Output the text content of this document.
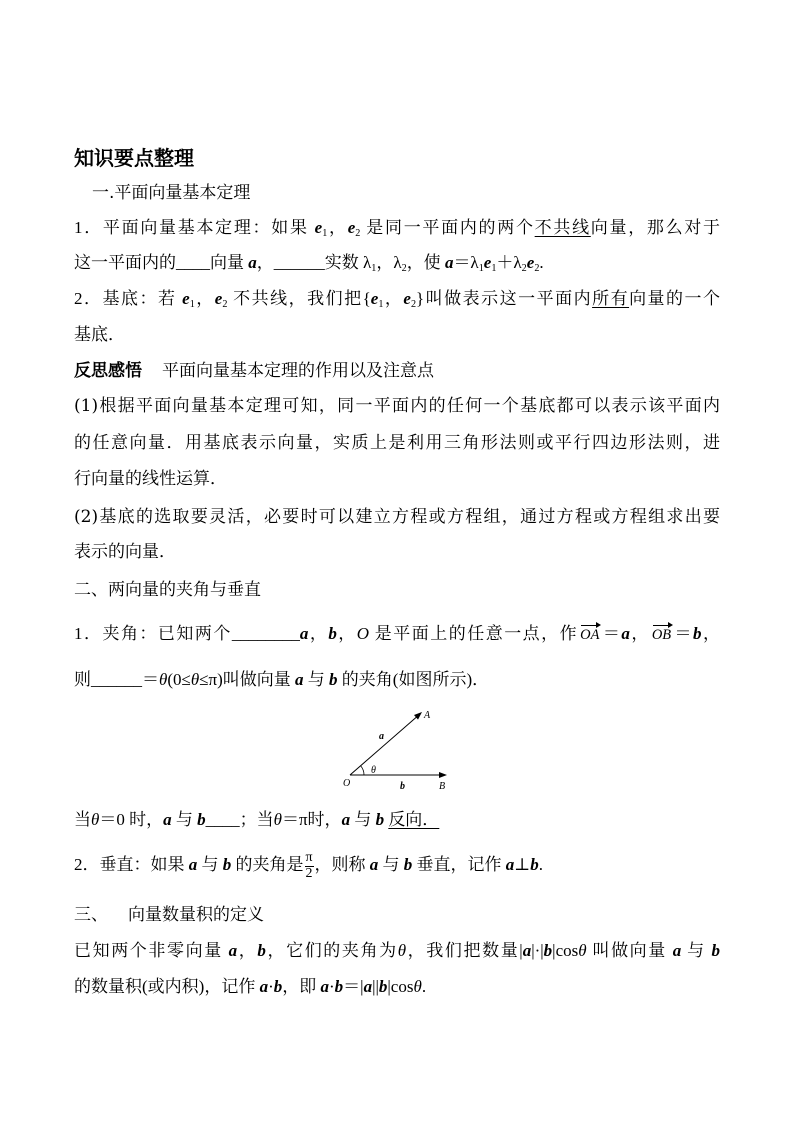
知识要点整理
一.平面向量基本定理
1．平面向量基本定理：如果 $e_1$，$e_2$ 是同一平面内的两个不共线向量，那么对于
这一平面内的____向量 a，______实数 $\lambda_1$，$\lambda_2$，使 $a=\lambda_1e_1+\lambda_2e_2$.
2．基底：若 $e_1$，$e_2$ 不共线，我们把{$e_1$，$e_2$}叫做表示这一平面内所有向量的一个
基底．
反思感悟 平面向量基本定理的作用以及注意点
(1)根据平面向量基本定理可知，同一平面内的任何一个基底都可以表示该平面内
的任意向量．用基底表示向量，实质上是利用三角形法则或平行四边形法则，进
行向量的线性运算．
(2)基底的选取要灵活，必要时可以建立方程或方程组，通过方程或方程组求出要
表示的向量．
二、两向量的夹角与垂直
1．夹角：已知两个________a，b，O 是平面上的任意一点，作 OA ＝a， OB ＝b，
则______＝θ(0≤θ≤π)叫做向量 a 与 b 的夹角(如图所示)．
A
a
θ
O	b	B
当θ＝0 时，a 与 b____；当θ＝π时，a 与 b 反向．
2．垂直：如果 a 与 b 的夹角是 $\frac{\pi}{2}$ ，则称 a 与 b 垂直，记作 a⊥b.
三、 向量数量积的定义
已知两个非零向量 a，b，它们的夹角为θ，我们把数量|a|·|b|cosθ 叫做向量 a 与 b
的数量积(或内积)，记作 a·b，即 a·b＝|a||b|cosθ.
